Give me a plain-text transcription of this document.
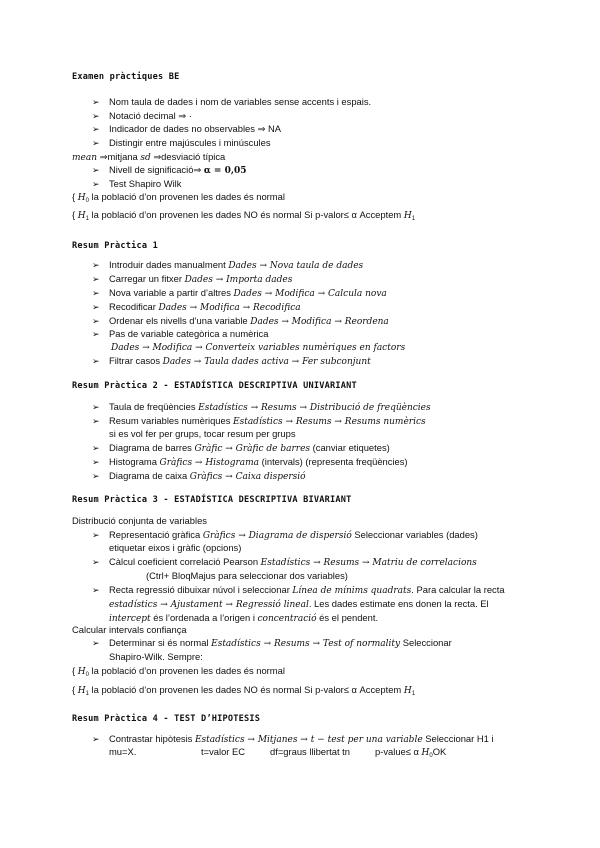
Examen pràctiques BE
➢ Nom taula de dades i nom de variables sense accents i espais.
➢ Notació decimal ⇒ ·
➢ Indicador de dades no observables ⇒ NA
➢ Distingir entre majúscules i minúscules
mean ⇒mitjana sd ⇒desviació típica
➢ Nivell de significació⇒ α = 0,05
➢ Test Shapiro Wilk
{ $H_0$ la població d’on provenen les dades és normal
{ $H_1$ la població d’on provenen les dades NO és normal Si p-valor≤ α Acceptem $H_1$
Resum Pràctica 1
➢ Introduir dades manualment Dades → Nova taula de dades
➢ Carregar un fitxer Dades → Importa dades
➢ Nova variable a partir d’altres Dades → Modifica → Calcula nova
➢ Recodificar Dades → Modifica → Recodifica
➢ Ordenar els nivells d’una variable Dades → Modifica → Reordena
➢ Pas de variable categòrica a numèrica
Dades → Modifica → Converteix variables numèriques en factors
➢ Filtrar casos Dades → Taula dades activa → Fer subconjunt
Resum Pràctica 2 - ESTADÍSTICA DESCRIPTIVA UNIVARIANT
➢ Taula de freqüències Estadístics → Resums → Distribució de freqüències
➢ Resum variables numèriques Estadístics → Resums → Resums numèrics
si es vol fer per grups, tocar resum per grups
➢ Diagrama de barres Gràfic → Gràfic de barres (canviar etiquetes)
➢ Histograma Gràfics → Histograma (intervals) (representa freqüències)
➢ Diagrama de caixa Gràfics → Caixa dispersió
Resum Pràctica 3 - ESTADÍSTICA DESCRIPTIVA BIVARIANT
Distribució conjunta de variables
➢ Representació gràfica Gràfics → Diagrama de dispersió Seleccionar variables (dades)
etiquetar eixos i gràfic (opcions)
➢ Càlcul coeficient correlació Pearson Estadístics → Resums → Matriu de correlacions
(Ctrl+ BloqMajus para seleccionar dos variables)
➢ Recta regressió dibuixar núvol i seleccionar Línea de mínims quadrats. Para calcular la recta
estadístics → Ajustament → Regressió lineal. Les dades estimate ens donen la recta. El
intercept és l’ordenada a l’origen i concentració és el pendent.
Calcular intervals confiança
➢ Determinar si és normal Estadístics → Resums → Test of normality Seleccionar
Shapiro-Wilk. Sempre:
{ $H_0$ la població d’on provenen les dades és normal
{ $H_1$ la població d’on provenen les dades NO és normal Si p-valor≤ α Acceptem $H_1$
Resum Pràctica 4 - TEST D’HIPOTESIS
➢ Contrastar hipòtesis Estadístics → Mitjanes → t − test per una variable Seleccionar H1 i
mu=X.	t=valor EC	df=graus llibertat tn	p-value≤ α $H_0OK$
